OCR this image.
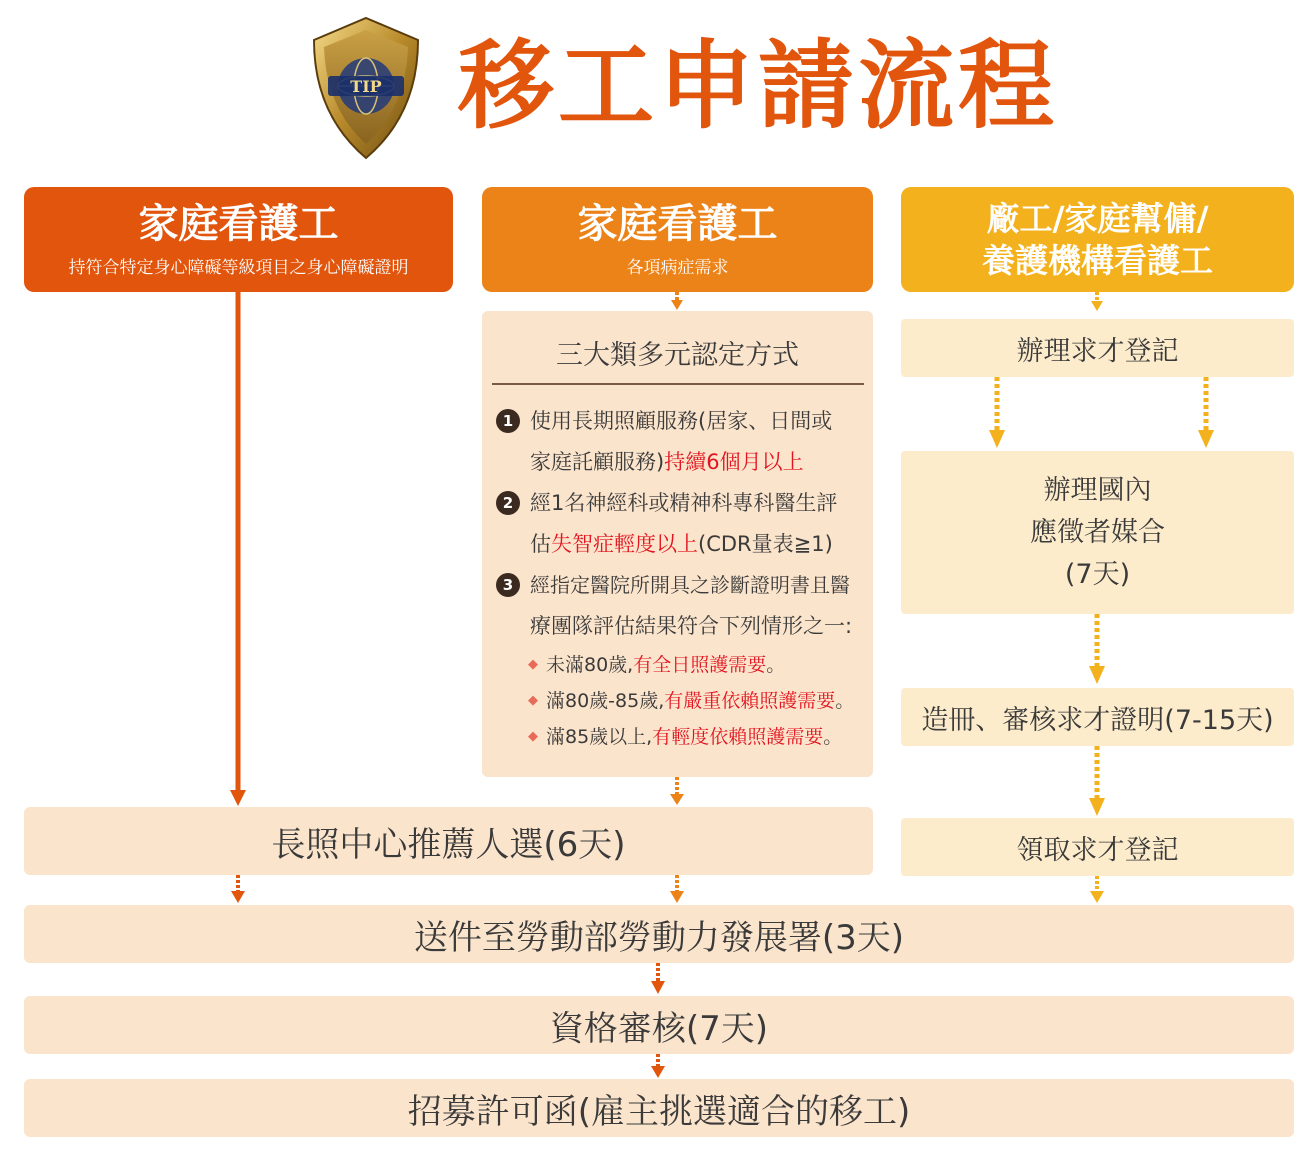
TIP 移工申請流程
家庭看護工
持符合特定身心障礙等級項目之身心障礙證明
家庭看護工
各項病症需求
廠工/家庭幫傭/
養護機構看護工
三大類多元認定方式
1 使用長期照顧服務(居家、日間或
家庭託顧服務)持續6個月以上
2 經1名神經科或精神科專科醫生評
估失智症輕度以上(CDR量表≧1)
3 經指定醫院所開具之診斷證明書且醫
療團隊評估結果符合下列情形之一:
◆ 未滿80歲,有全日照護需要。
◆ 滿80歲-85歲,有嚴重依賴照護需要。
◆ 滿85歲以上,有輕度依賴照護需要。
辦理求才登記
辦理國內
應徵者媒合
(7天)
造冊、審核求才證明(7-15天)
領取求才登記
長照中心推薦人選(6天)
送件至勞動部勞動力發展署(3天)
資格審核(7天)
招募許可函(雇主挑選適合的移工)
